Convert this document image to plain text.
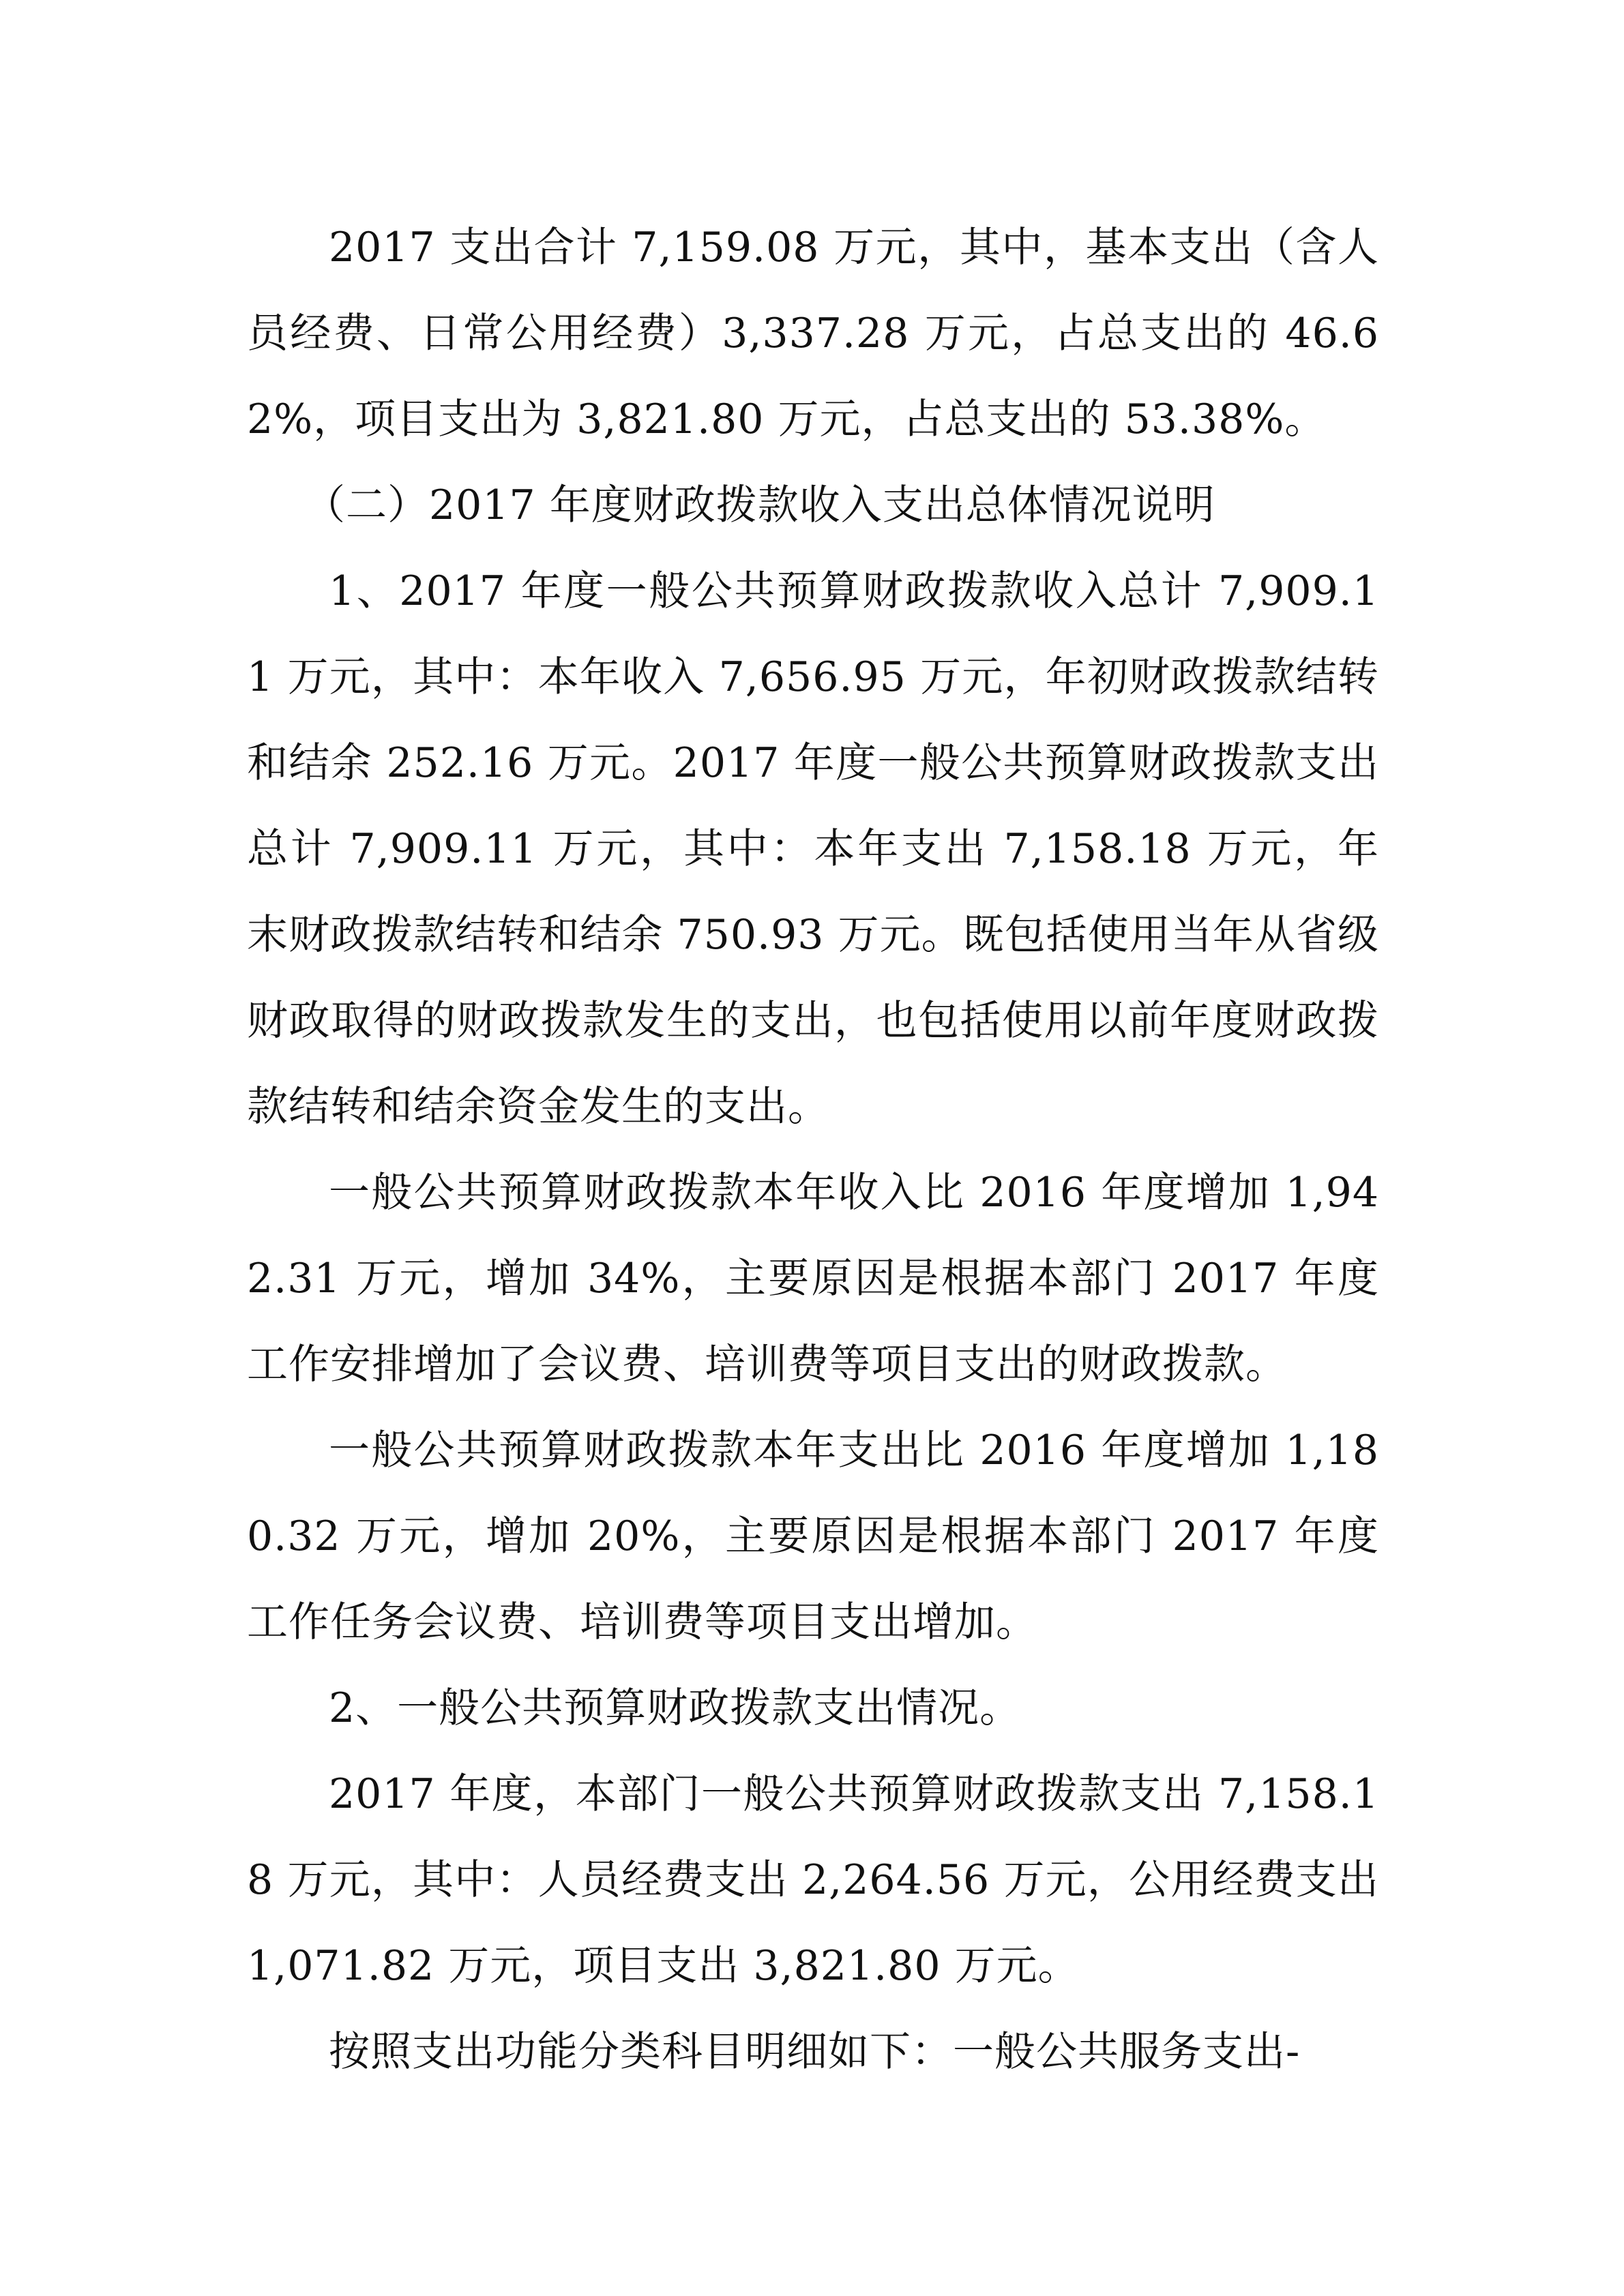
2017 支出合计 7,159.08 万元，其中，基本支出（含人员经费、日常公用经费）3,337.28 万元，占总支出的 46.62%，项目支出为 3,821.80 万元，占总支出的 53.38%。

（二）2017 年度财政拨款收入支出总体情况说明

1、2017 年度一般公共预算财政拨款收入总计 7,909.11 万元，其中：本年收入 7,656.95 万元，年初财政拨款结转和结余 252.16 万元。2017 年度一般公共预算财政拨款支出总计 7,909.11 万元，其中：本年支出 7,158.18 万元，年末财政拨款结转和结余 750.93 万元。既包括使用当年从省级财政取得的财政拨款发生的支出，也包括使用以前年度财政拨款结转和结余资金发生的支出。

一般公共预算财政拨款本年收入比 2016 年度增加 1,942.31 万元，增加 34%，主要原因是根据本部门 2017 年度工作安排增加了会议费、培训费等项目支出的财政拨款。

一般公共预算财政拨款本年支出比 2016 年度增加 1,180.32 万元，增加 20%，主要原因是根据本部门 2017 年度工作任务会议费、培训费等项目支出增加。

2、一般公共预算财政拨款支出情况。

2017 年度，本部门一般公共预算财政拨款支出 7,158.18 万元，其中：人员经费支出 2,264.56 万元，公用经费支出 1,071.82 万元，项目支出 3,821.80 万元。

按照支出功能分类科目明细如下：一般公共服务支出-
